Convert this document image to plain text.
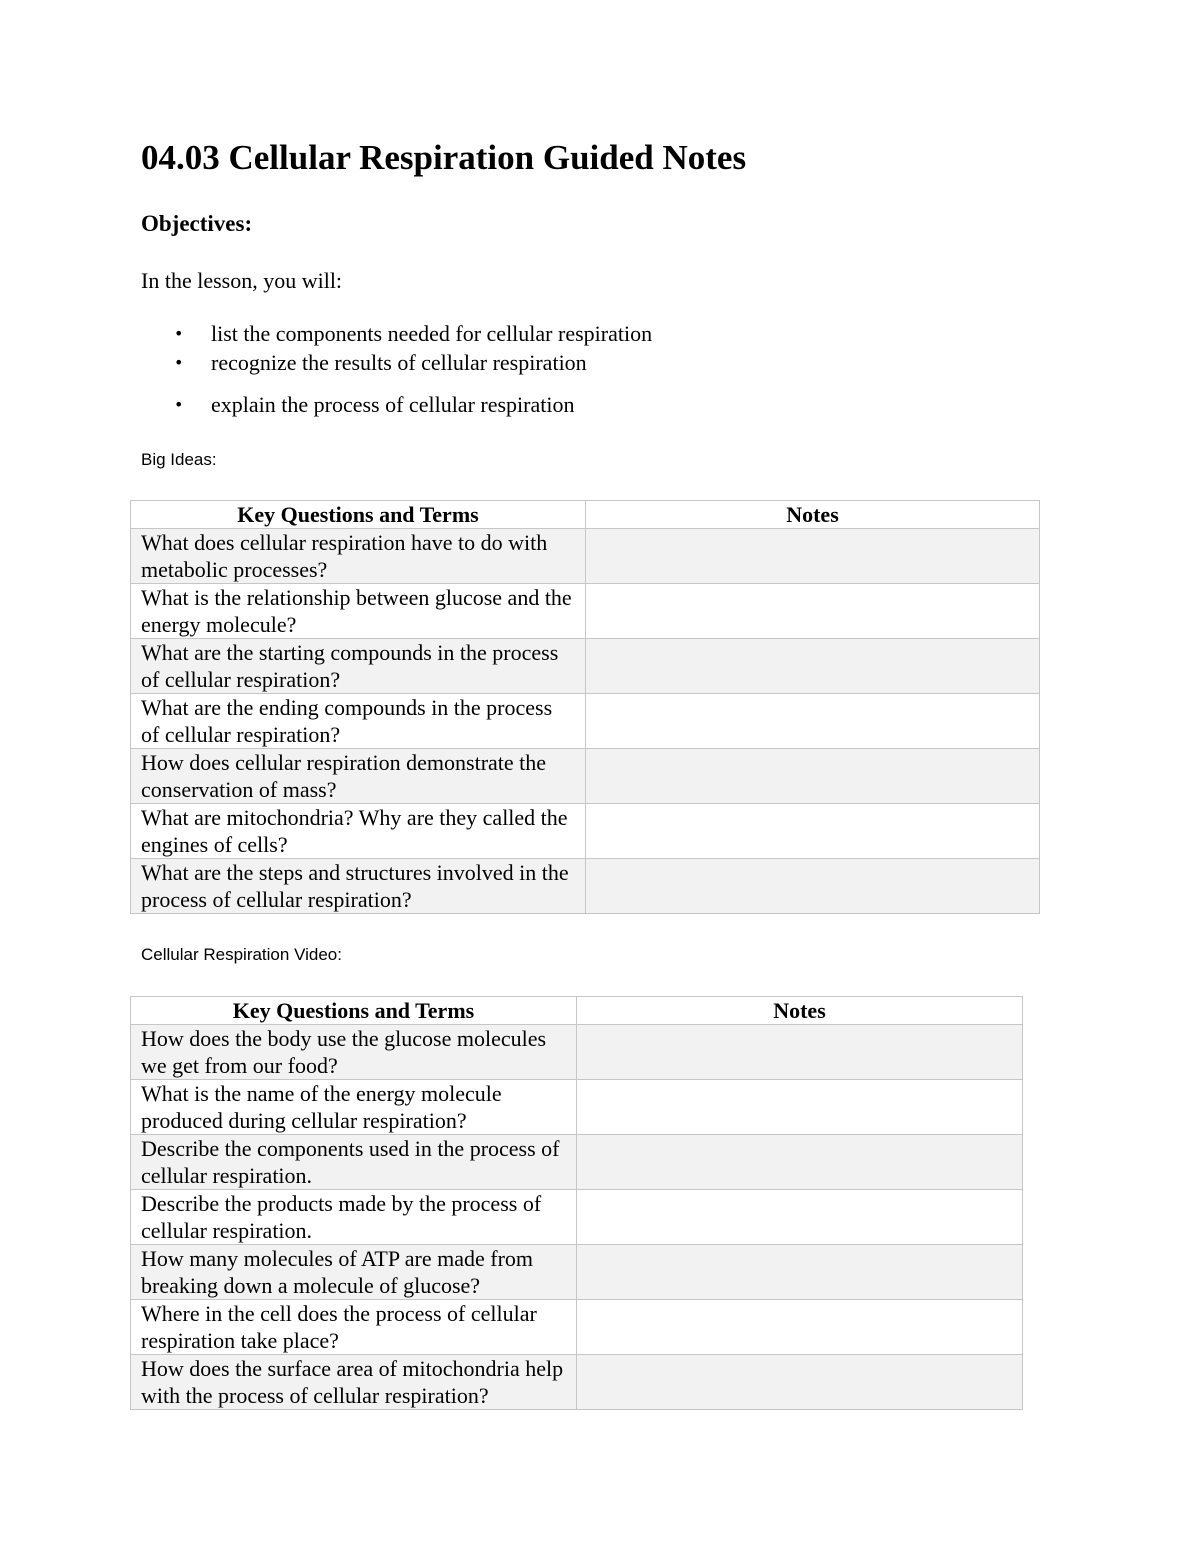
04.03 Cellular Respiration Guided Notes
Objectives:
In the lesson, you will:
• list the components needed for cellular respiration
• recognize the results of cellular respiration
• explain the process of cellular respiration
Big Ideas:
Key Questions and Terms	Notes
What does cellular respiration have to do with metabolic processes?	
What is the relationship between glucose and the energy molecule?	
What are the starting compounds in the process of cellular respiration?	
What are the ending compounds in the process of cellular respiration?	
How does cellular respiration demonstrate the conservation of mass?	
What are mitochondria? Why are they called the engines of cells?	
What are the steps and structures involved in the process of cellular respiration?	
Cellular Respiration Video:
Key Questions and Terms	Notes
How does the body use the glucose molecules we get from our food?	
What is the name of the energy molecule produced during cellular respiration?	
Describe the components used in the process of cellular respiration.	
Describe the products made by the process of cellular respiration.	
How many molecules of ATP are made from breaking down a molecule of glucose?	
Where in the cell does the process of cellular respiration take place?	
How does the surface area of mitochondria help with the process of cellular respiration?	
